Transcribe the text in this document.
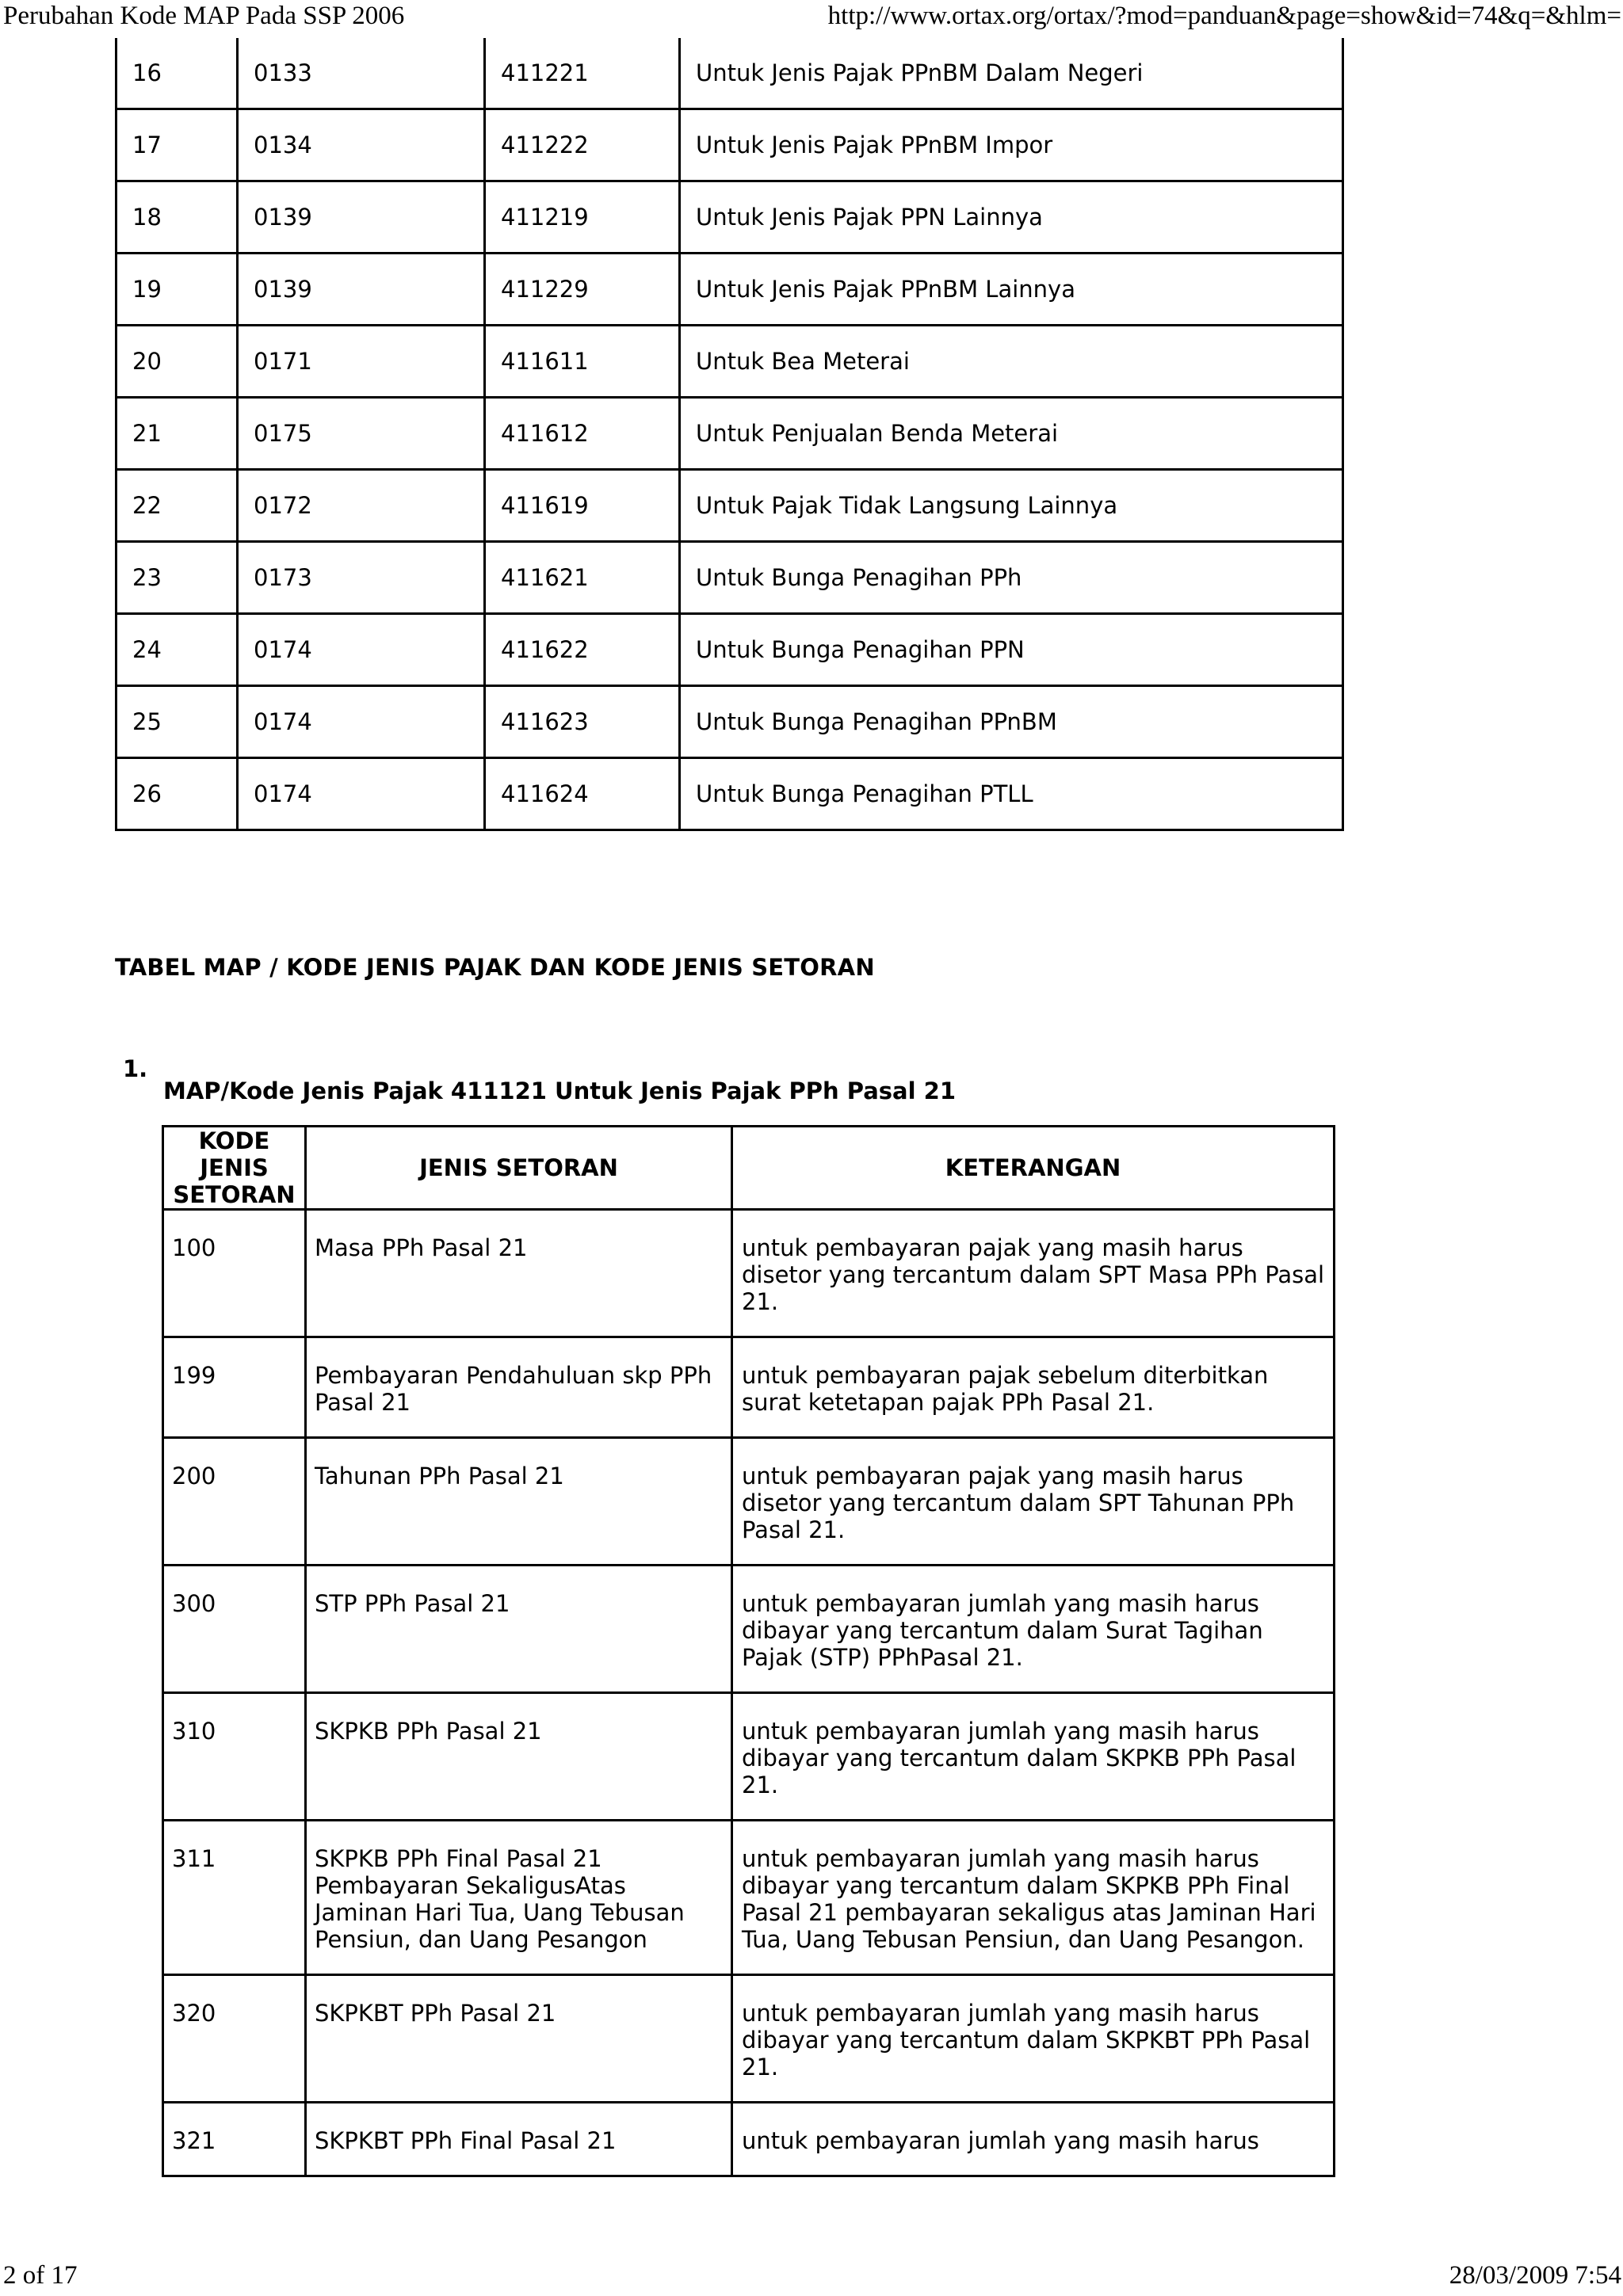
Perubahan Kode MAP Pada SSP 2006	http://www.ortax.org/ortax/?mod=panduan&page=show&id=74&q=&hlm=
16	0133	411221	Untuk Jenis Pajak PPnBM Dalam Negeri
17	0134	411222	Untuk Jenis Pajak PPnBM Impor
18	0139	411219	Untuk Jenis Pajak PPN Lainnya
19	0139	411229	Untuk Jenis Pajak PPnBM Lainnya
20	0171	411611	Untuk Bea Meterai
21	0175	411612	Untuk Penjualan Benda Meterai
22	0172	411619	Untuk Pajak Tidak Langsung Lainnya
23	0173	411621	Untuk Bunga Penagihan PPh
24	0174	411622	Untuk Bunga Penagihan PPN
25	0174	411623	Untuk Bunga Penagihan PPnBM
26	0174	411624	Untuk Bunga Penagihan PTLL
TABEL MAP / KODE JENIS PAJAK DAN KODE JENIS SETORAN
1.
MAP/Kode Jenis Pajak 411121 Untuk Jenis Pajak PPh Pasal 21
KODE JENIS SETORAN	JENIS SETORAN	KETERANGAN
100	Masa PPh Pasal 21	untuk pembayaran pajak yang masih harus disetor yang tercantum dalam SPT Masa PPh Pasal 21.
199	Pembayaran Pendahuluan skp PPh Pasal 21	untuk pembayaran pajak sebelum diterbitkan surat ketetapan pajak PPh Pasal 21.
200	Tahunan PPh Pasal 21	untuk pembayaran pajak yang masih harus disetor yang tercantum dalam SPT Tahunan PPh Pasal 21.
300	STP PPh Pasal 21	untuk pembayaran jumlah yang masih harus dibayar yang tercantum dalam Surat Tagihan Pajak (STP) PPhPasal 21.
310	SKPKB PPh Pasal 21	untuk pembayaran jumlah yang masih harus dibayar yang tercantum dalam SKPKB PPh Pasal 21.
311	SKPKB PPh Final Pasal 21 Pembayaran SekaligusAtas Jaminan Hari Tua, Uang Tebusan Pensiun, dan Uang Pesangon	untuk pembayaran jumlah yang masih harus dibayar yang tercantum dalam SKPKB PPh Final Pasal 21 pembayaran sekaligus atas Jaminan Hari Tua, Uang Tebusan Pensiun, dan Uang Pesangon.
320	SKPKBT PPh Pasal 21	untuk pembayaran jumlah yang masih harus dibayar yang tercantum dalam SKPKBT PPh Pasal 21.
321	SKPKBT PPh Final Pasal 21	untuk pembayaran jumlah yang masih harus
2 of 17	28/03/2009 7:54
